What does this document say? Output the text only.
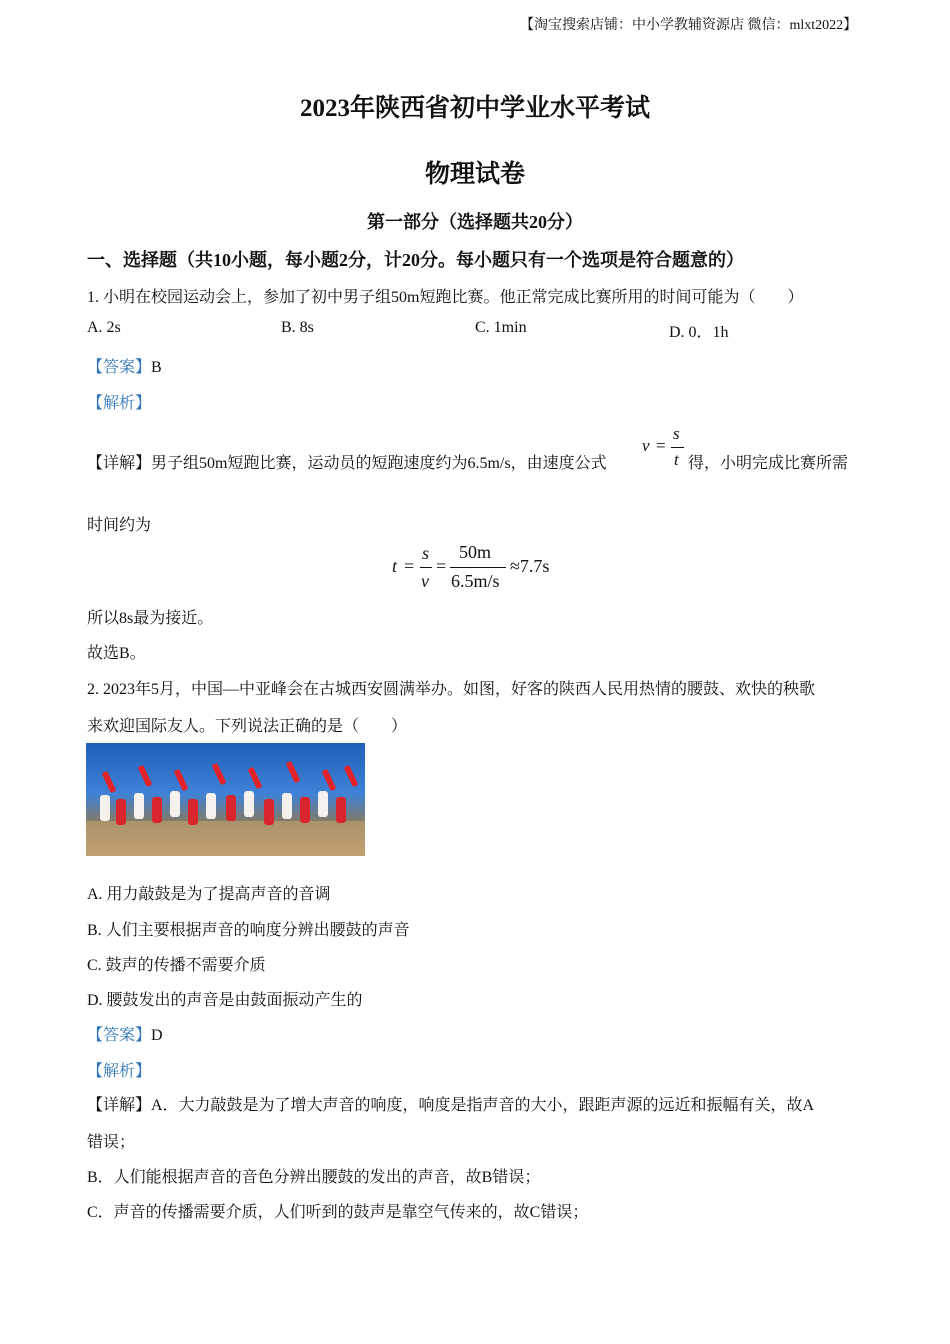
【淘宝搜索店铺：中小学教辅资源店 微信：mlxt2022】
2023年陕西省初中学业水平考试
物理试卷
第一部分（选择题共20分）
一、选择题（共10小题，每小题2分，计20分。每小题只有一个选项是符合题意的）
1. 小明在校园运动会上，参加了初中男子组50m短跑比赛。他正常完成比赛所用的时间可能为（　　）
A. 2s	B. 8s	C. 1min	D. 0．1h
【答案】B
【解析】
【详解】男子组50m短跑比赛，运动员的短跑速度约为6.5m/s，由速度公式
v =
s
t 得，小明完成比赛所需
时间约为
t =
s
v
=
50m
6.5m/s
≈7.7s
所以8s最为接近。
故选B。
2. 2023年5月，中国—中亚峰会在古城西安圆满举办。如图，好客的陕西人民用热情的腰鼓、欢快的秧歌
来欢迎国际友人。下列说法正确的是（　　）
A. 用力敲鼓是为了提高声音的音调
B. 人们主要根据声音的响度分辨出腰鼓的声音
C. 鼓声的传播不需要介质
D. 腰鼓发出的声音是由鼓面振动产生的
【答案】D
【解析】
【详解】A．大力敲鼓是为了增大声音的响度，响度是指声音的大小，跟距声源的远近和振幅有关，故A
错误；
B．人们能根据声音的音色分辨出腰鼓的发出的声音，故B错误；
C．声音的传播需要介质，人们听到的鼓声是靠空气传来的，故C错误；
